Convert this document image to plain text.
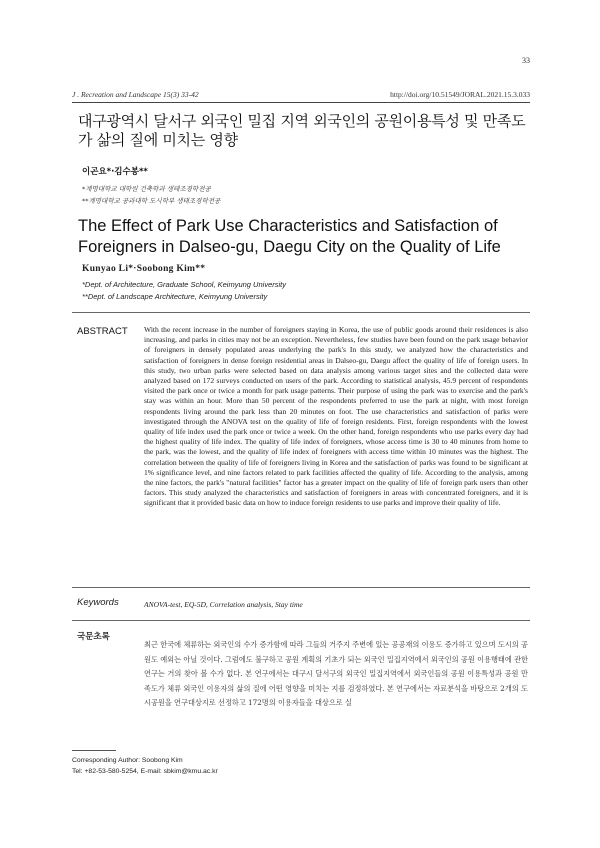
33
J . Recreation and Landscape 15(3) 33-42	http://doi.org/10.51549/JORAL.2021.15.3.033
대구광역시 달서구 외국인 밀집 지역 외국인의 공원이용특성 및 만족도가 삶의 질에 미치는 영향
이곤요*·김수봉**
*계명대학교 대학원 건축학과 생태조경학전공
**계명대학교 공과대학 도시학부 생태조경학전공
The Effect of Park Use Characteristics and Satisfaction of Foreigners in Dalseo-gu, Daegu City on the Quality of Life
Kunyao Li*·Soobong Kim**
*Dept. of Architecture, Graduate School, Keimyung University
**Dept. of Landscape Architecture, Keimyung University
ABSTRACT With the recent increase in the number of foreigners staying in Korea, the use of public goods around their residences is also increasing, and parks in cities may not be an exception. Nevertheless, few studies have been found on the park usage behavior of foreigners in densely populated areas underlying the park's In this study, we analyzed how the characteristics and satisfaction of foreigners in dense foreign residential areas in Dalseo-gu, Daegu affect the quality of life of foreign users. In this study, two urban parks were selected based on data analysis among various target sites and the collected data were analyzed based on 172 surveys conducted on users of the park. According to statistical analysis, 45.9 percent of respondents visited the park once or twice a month for park usage patterns. Their purpose of using the park was to exercise and the park's stay was within an hour. More than 50 percent of the respondents preferred to use the park at night, with most foreign respondents living around the park less than 20 minutes on foot. The use characteristics and satisfaction of parks were investigated through the ANOVA test on the quality of life of foreign residents. First, foreign respondents with the lowest quality of life index used the park once or twice a week. On the other hand, foreign respondents who use parks every day had the highest quality of life index. The quality of life index of foreigners, whose access time is 30 to 40 minutes from home to the park, was the lowest, and the quality of life index of foreigners with access time within 10 minutes was the highest. The correlation between the quality of life of foreigners living in Korea and the satisfaction of parks was found to be significant at 1% significance level, and nine factors related to park facilities affected the quality of life. According to the analysis, among the nine factors, the park's "natural facilities" factor has a greater impact on the quality of life of foreign park users than other factors. This study analyzed the characteristics and satisfaction of foreigners in areas with concentrated foreigners, and it is significant that it provided basic data on how to induce foreign residents to use parks and improve their quality of life.
Keywords	ANOVA-test, EQ-5D, Correlation analysis, Stay time
국문초록
최근 한국에 체류하는 외국인의 수가 증가함에 따라 그들의 거주지 주변에 있는 공공재의 이용도 증가하고 있으며 도시의 공원도 예외는 아닐 것이다. 그럼에도 불구하고 공원 계획의 기초가 되는 외국인 밀집지역에서 외국인의 공원 이용행태에 관한 연구는 거의 찾아 볼 수가 없다. 본 연구에서는 대구시 달서구의 외국인 밀집지역에서 외국인들의 공원 이용특성과 공원 만족도가 체류 외국인 이용자의 삶의 질에 어떤 영향을 미치는 지를 검정하였다. 본 연구에서는 자료분석을 바탕으로 2개의 도시공원을 연구대상지로 선정하고 172명의 이용자들을 대상으로 실
Corresponding Author: Soobong Kim
Tel: +82-53-580-5254, E-mail: sbkim@kmu.ac.kr
